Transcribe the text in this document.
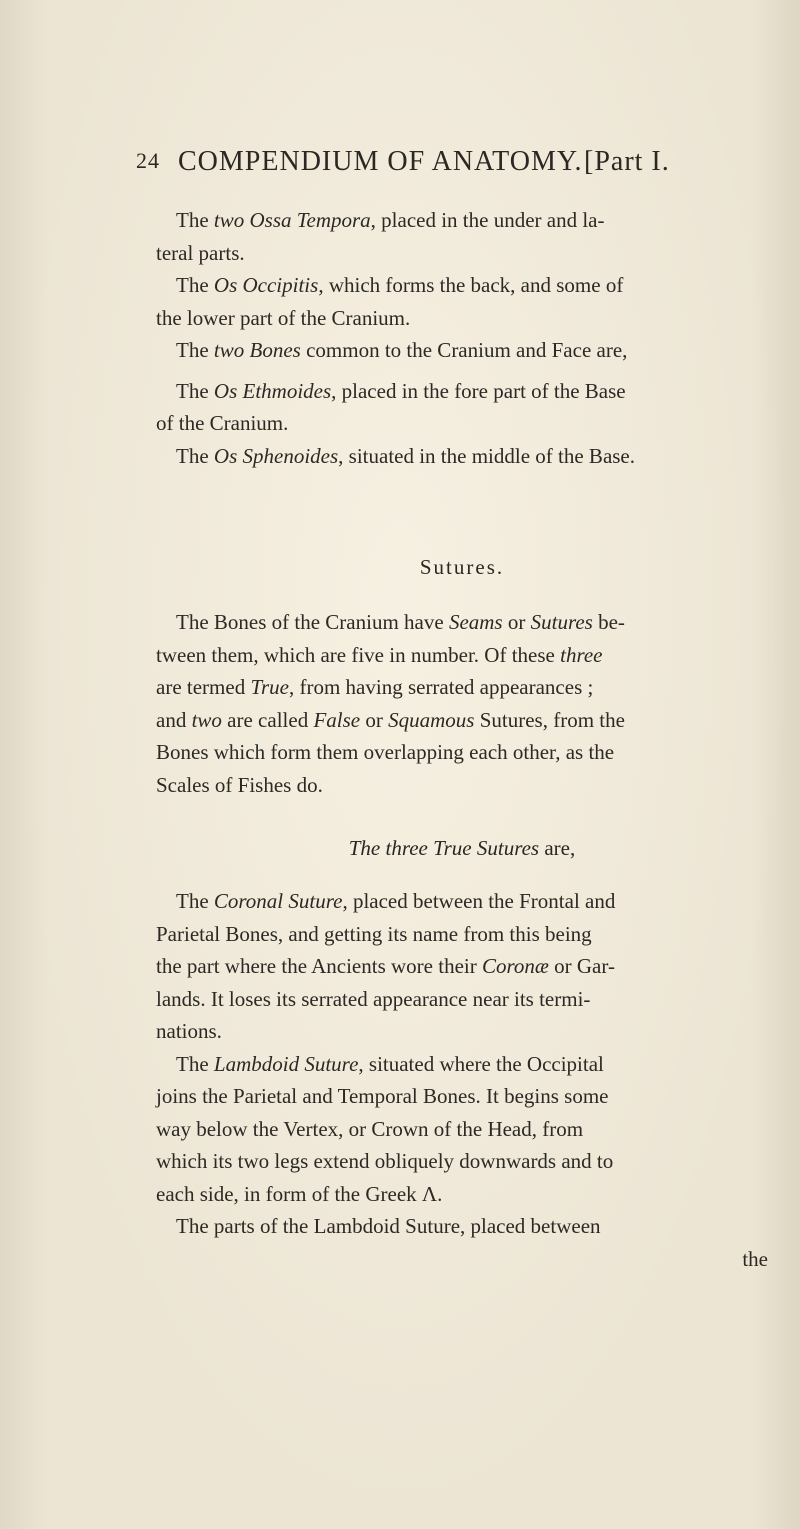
24 COMPENDIUM OF ANATOMY. [Part I.
The two Ossa Tempora, placed in the under and la-
teral parts.
The Os Occipitis, which forms the back, and some of
the lower part of the Cranium.
The two Bones common to the Cranium and Face are,
The Os Ethmoides, placed in the fore part of the Base
of the Cranium.
The Os Sphenoides, situated in the middle of the Base.
Sutures.
The Bones of the Cranium have Seams or Sutures be-
tween them, which are five in number. Of these three
are termed True, from having serrated appearances ;
and two are called False or Squamous Sutures, from the
Bones which form them overlapping each other, as the
Scales of Fishes do.
The three True Sutures are,
The Coronal Suture, placed between the Frontal and
Parietal Bones, and getting its name from this being
the part where the Ancients wore their Coronæ or Gar-
lands. It loses its serrated appearance near its termi-
nations.
The Lambdoid Suture, situated where the Occipital
joins the Parietal and Temporal Bones. It begins some
way below the Vertex, or Crown of the Head, from
which its two legs extend obliquely downwards and to
each side, in form of the Greek Λ.
The parts of the Lambdoid Suture, placed between
the
